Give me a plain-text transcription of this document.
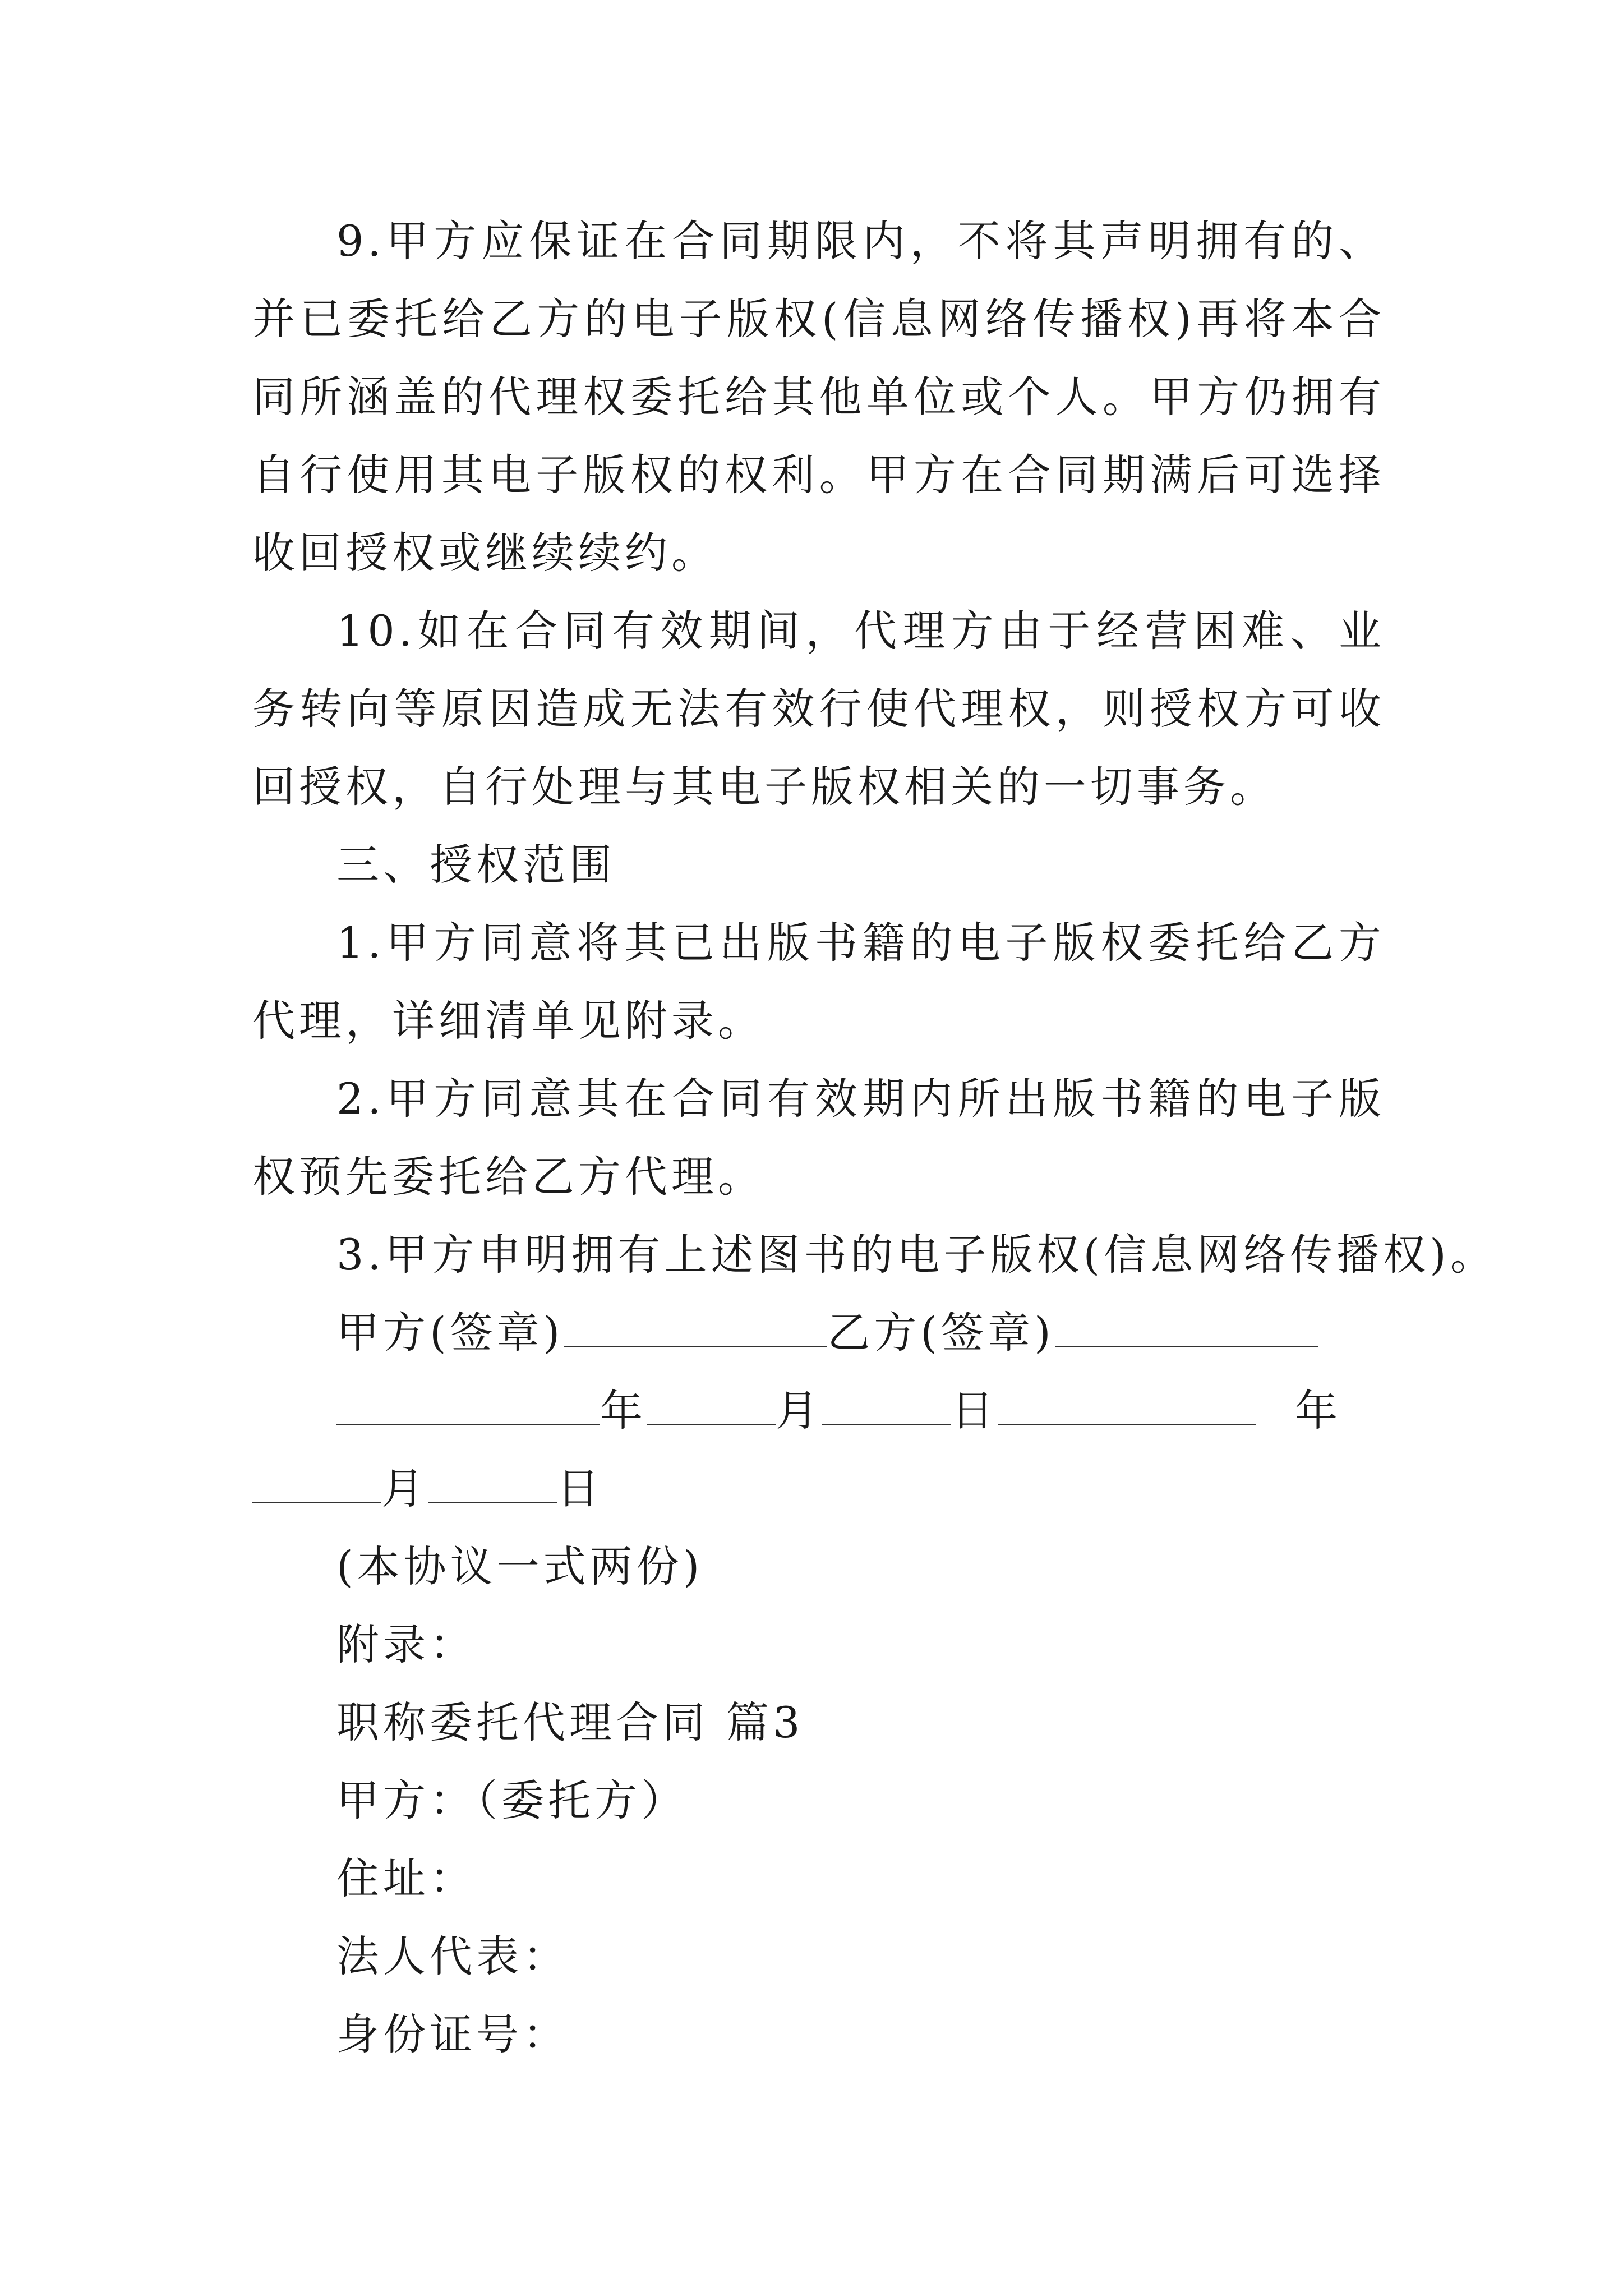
9.甲方应保证在合同期限内，不将其声明拥有的、并已委托给乙方的电子版权(信息网络传播权)再将本合同所涵盖的代理权委托给其他单位或个人。甲方仍拥有自行使用其电子版权的权利。甲方在合同期满后可选择收回授权或继续续约。

10.如在合同有效期间，代理方由于经营困难、业务转向等原因造成无法有效行使代理权，则授权方可收回授权，自行处理与其电子版权相关的一切事务。

三、授权范围

1.甲方同意将其已出版书籍的电子版权委托给乙方代理，详细清单见附录。

2.甲方同意其在合同有效期内所出版书籍的电子版权预先委托给乙方代理。

3.甲方申明拥有上述图书的电子版权(信息网络传播权)。

甲方(签章)	乙方(签章)

年	月	日	年

月	日

(本协议一式两份)

附录：

职称委托代理合同 篇3

甲方：（委托方）

住址：

法人代表：

身份证号：
